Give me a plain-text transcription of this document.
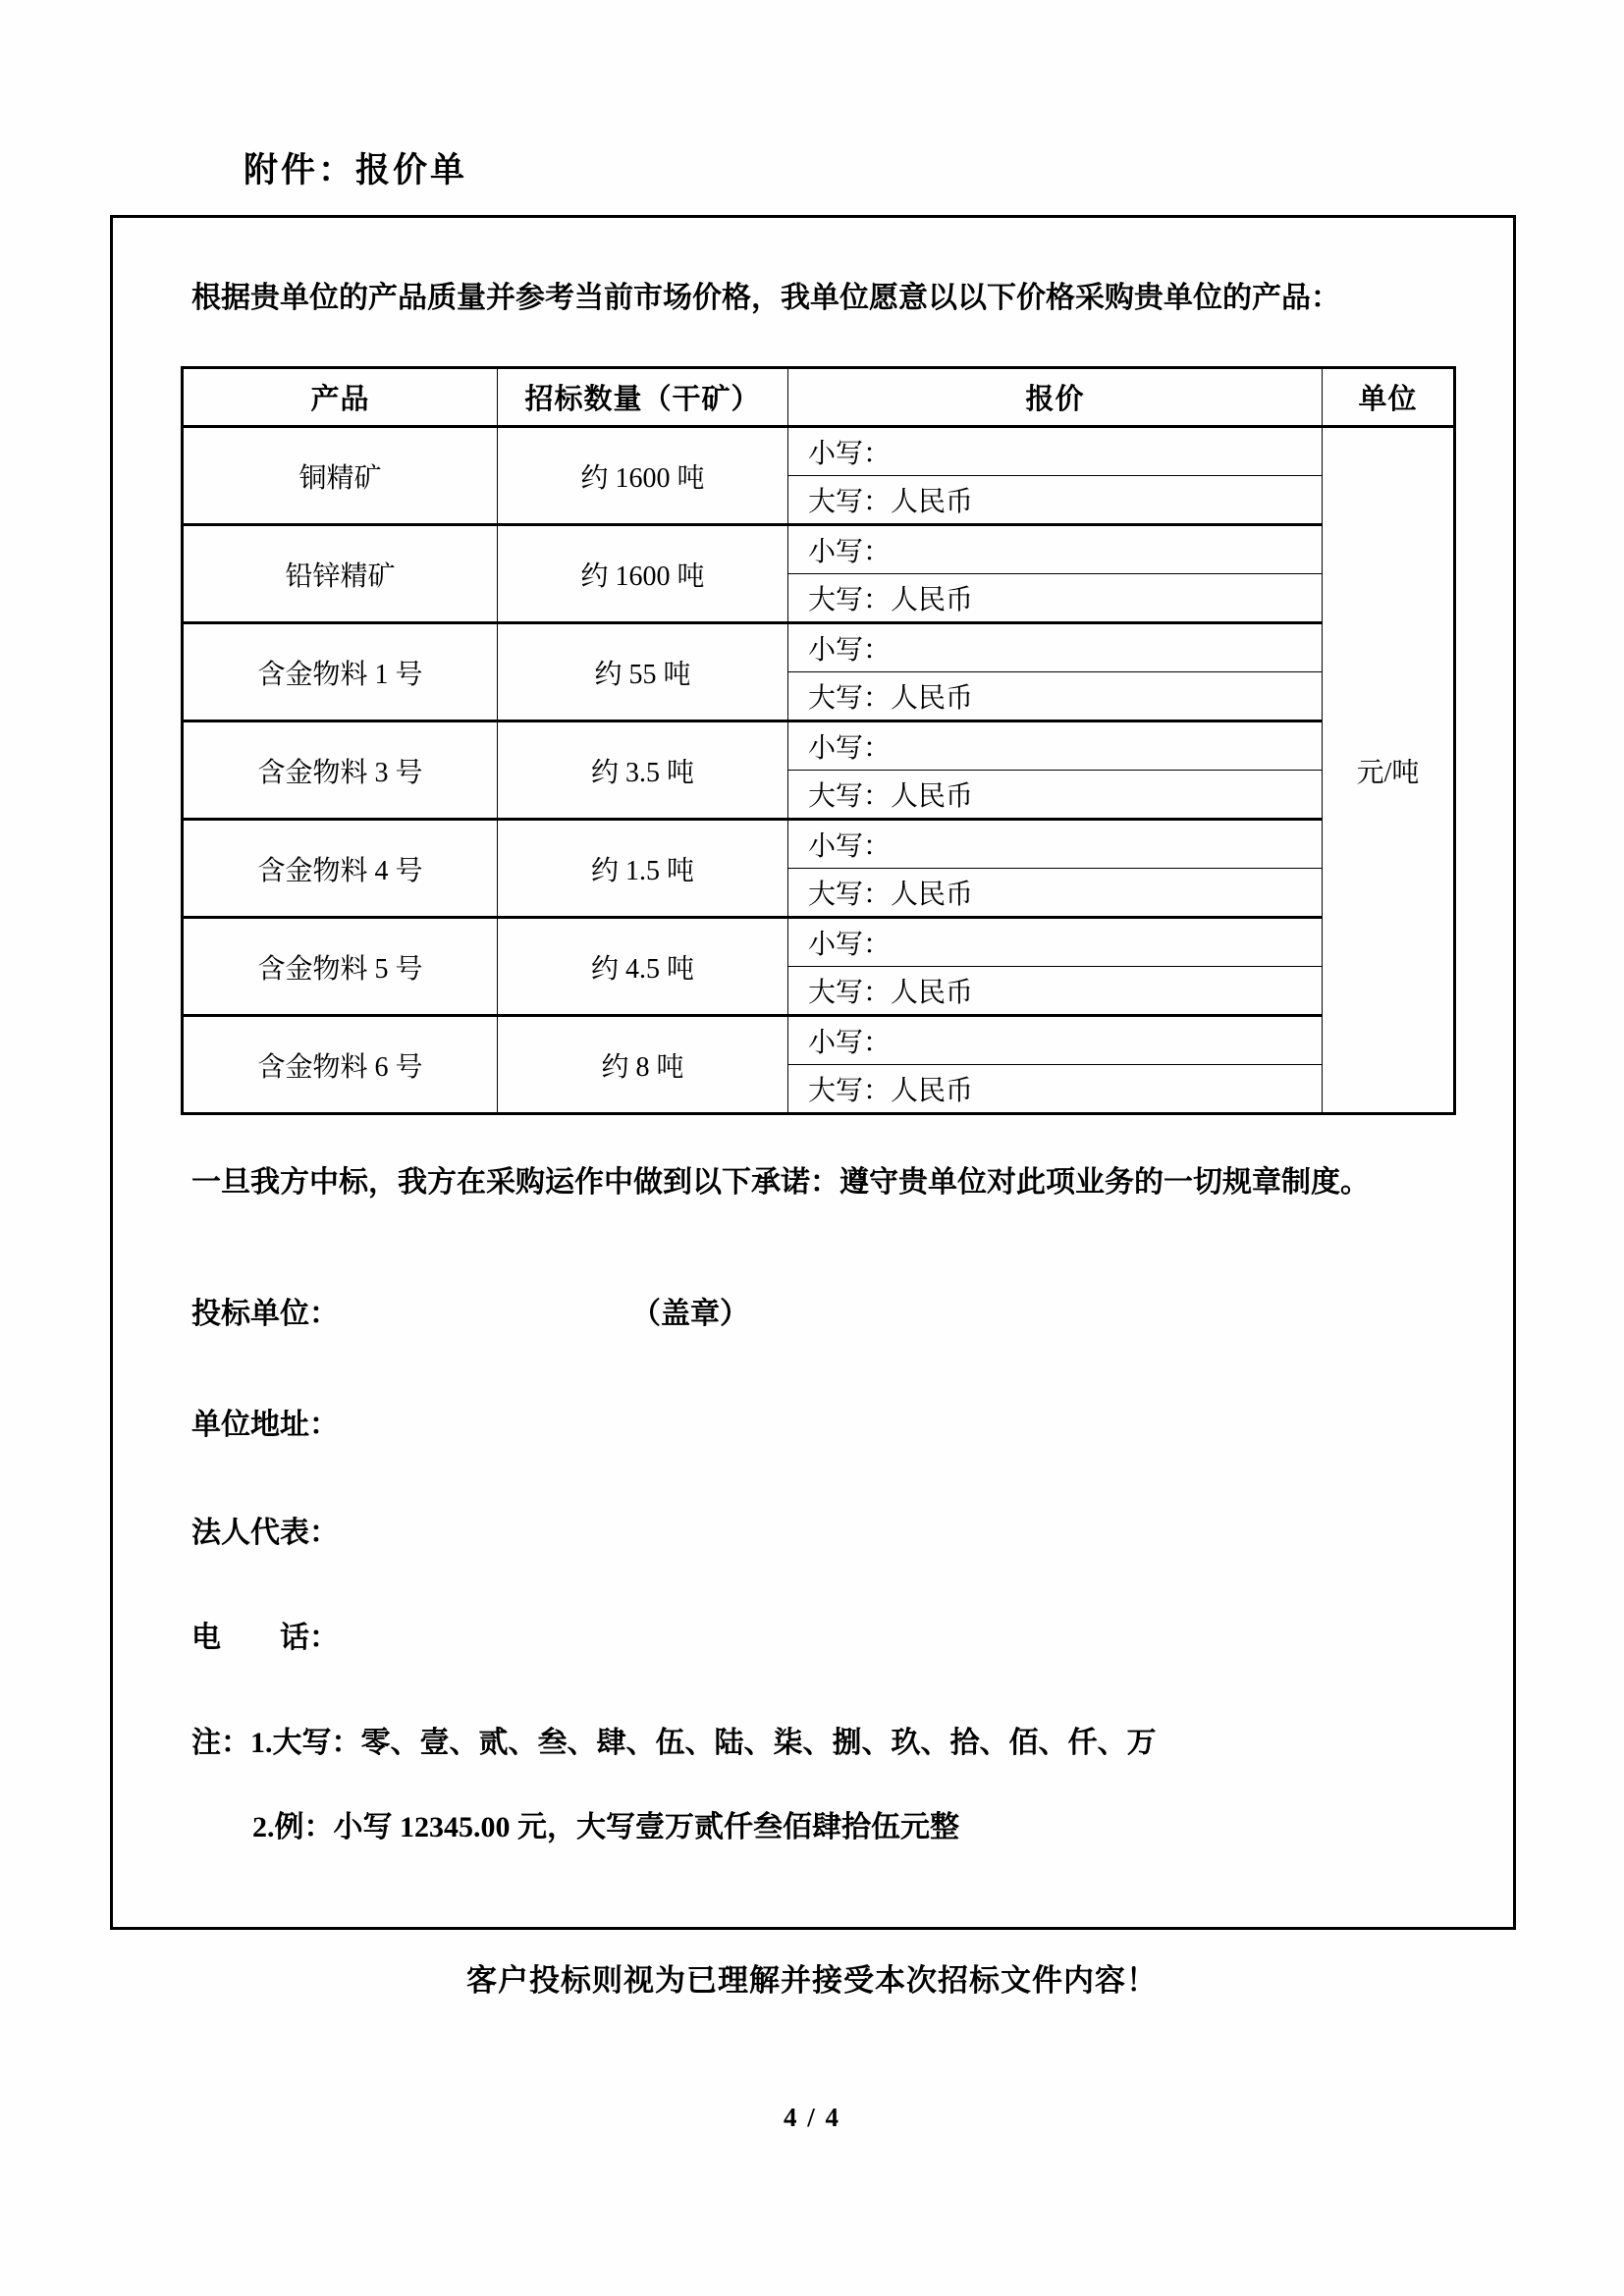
附件：报价单
根据贵单位的产品质量并参考当前市场价格，我单位愿意以以下价格采购贵单位的产品：
产品	招标数量（干矿）	报价	单位
铜精矿	约 1600 吨	小写：	元/吨
		大写：人民币	
铅锌精矿	约 1600 吨	小写：	
		大写：人民币	
含金物料 1 号	约 55 吨	小写：	
		大写：人民币	
含金物料 3 号	约 3.5 吨	小写：	
		大写：人民币	
含金物料 4 号	约 1.5 吨	小写：	
		大写：人民币	
含金物料 5 号	约 4.5 吨	小写：	
		大写：人民币	
含金物料 6 号	约 8 吨	小写：	
		大写：人民币	
一旦我方中标，我方在采购运作中做到以下承诺：遵守贵单位对此项业务的一切规章制度。
投标单位：	（盖章）
单位地址：
法人代表：
电　　话：
注：1.大写：零、壹、贰、叁、肆、伍、陆、柒、捌、玖、拾、佰、仟、万
2.例：小写 12345.00 元，大写壹万贰仟叁佰肆拾伍元整
客户投标则视为已理解并接受本次招标文件内容！
4 / 4
